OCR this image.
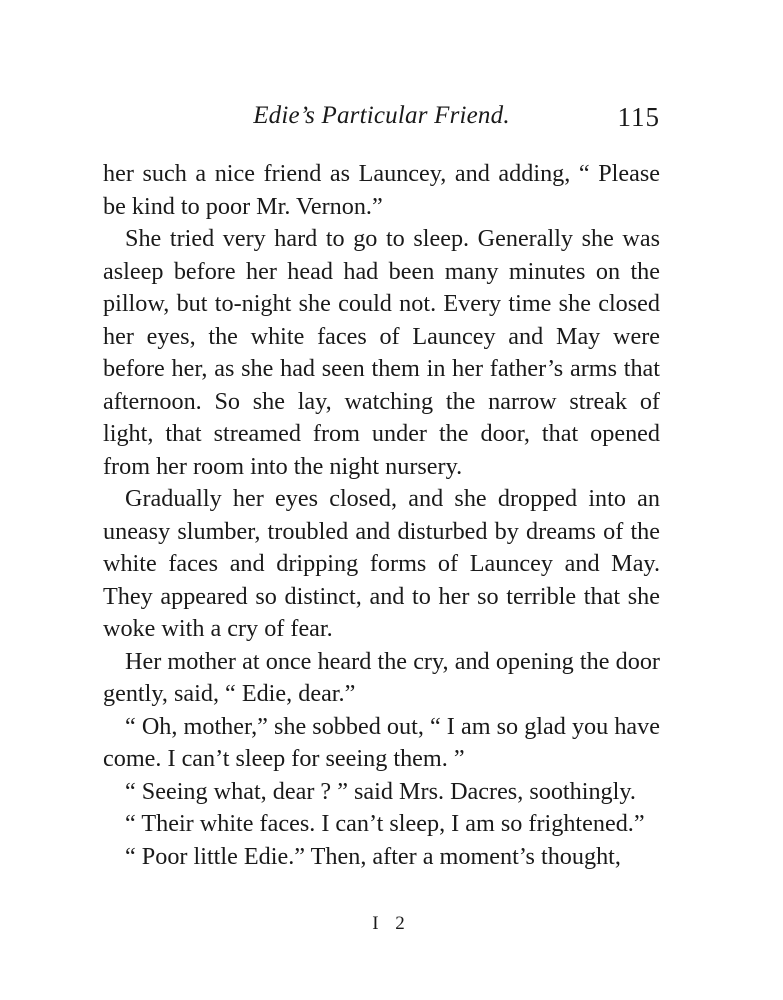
Edie’s Particular Friend.	115

her such a nice friend as Launcey, and adding, “ Please be kind to poor Mr. Vernon.”

She tried very hard to go to sleep. Generally she was asleep before her head had been many minutes on the pillow, but to-night she could not. Every time she closed her eyes, the white faces of Launcey and May were before her, as she had seen them in her father’s arms that afternoon. So she lay, watching the narrow streak of light, that streamed from under the door, that opened from her room into the night nursery.

Gradually her eyes closed, and she dropped into an uneasy slumber, troubled and disturbed by dreams of the white faces and dripping forms of Launcey and May. They appeared so distinct, and to her so terrible that she woke with a cry of fear.

Her mother at once heard the cry, and opening the door gently, said, “ Edie, dear.”

“ Oh, mother,” she sobbed out, “ I am so glad you have come. I can’t sleep for seeing them. ”

“ Seeing what, dear ? ” said Mrs. Dacres, soothingly.

“ Their white faces. I can’t sleep, I am so frightened.”

“ Poor little Edie.” Then, after a moment’s thought,

I 2
